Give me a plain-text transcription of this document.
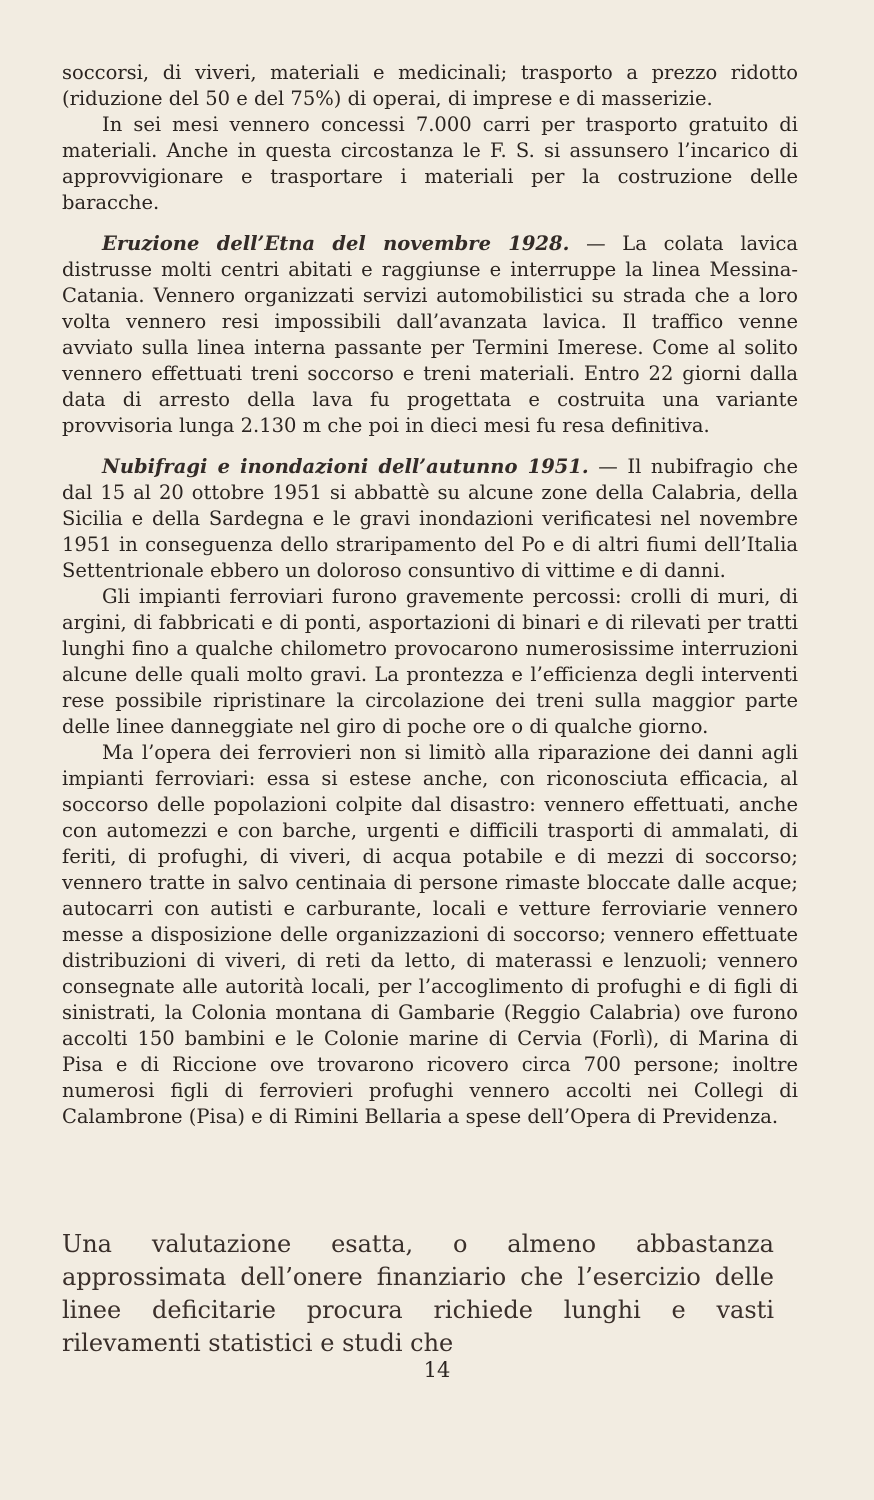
soccorsi, di viveri, materiali e medicinali; trasporto a prezzo ridotto (riduzione del 50 e del 75%) di operai, di imprese e di masserizie.

In sei mesi vennero concessi 7.000 carri per trasporto gratuito di materiali. Anche in questa circostanza le F. S. si assunsero l’incarico di approvvigionare e trasportare i materiali per la costruzione delle baracche.

Eruzione dell’Etna del novembre 1928. — La colata lavica distrusse molti centri abitati e raggiunse e interruppe la linea Messina-Catania. Vennero organizzati servizi automobilistici su strada che a loro volta vennero resi impossibili dall’avanzata lavica. Il traffico venne avviato sulla linea interna passante per Termini Imerese. Come al solito vennero effettuati treni soccorso e treni materiali. Entro 22 giorni dalla data di arresto della lava fu progettata e costruita una variante provvisoria lunga 2.130 m che poi in dieci mesi fu resa definitiva.

Nubifragi e inondazioni dell’autunno 1951. — Il nubifragio che dal 15 al 20 ottobre 1951 si abbattè su alcune zone della Calabria, della Sicilia e della Sardegna e le gravi inondazioni verificatesi nel novembre 1951 in conseguenza dello straripamento del Po e di altri fiumi dell’Italia Settentrionale ebbero un doloroso consuntivo di vittime e di danni.

Gli impianti ferroviari furono gravemente percossi: crolli di muri, di argini, di fabbricati e di ponti, asportazioni di binari e di rilevati per tratti lunghi fino a qualche chilometro provocarono numerosissime interruzioni alcune delle quali molto gravi. La prontezza e l’efficienza degli interventi rese possibile ripristinare la circolazione dei treni sulla maggior parte delle linee danneggiate nel giro di poche ore o di qualche giorno.

Ma l’opera dei ferrovieri non si limitò alla riparazione dei danni agli impianti ferroviari: essa si estese anche, con riconosciuta efficacia, al soccorso delle popolazioni colpite dal disastro: vennero effettuati, anche con automezzi e con barche, urgenti e difficili trasporti di ammalati, di feriti, di profughi, di viveri, di acqua potabile e di mezzi di soccorso; vennero tratte in salvo centinaia di persone rimaste bloccate dalle acque; autocarri con autisti e carburante, locali e vetture ferroviarie vennero messe a disposizione delle organizzazioni di soccorso; vennero effettuate distribuzioni di viveri, di reti da letto, di materassi e lenzuoli; vennero consegnate alle autorità locali, per l’accoglimento di profughi e di figli di sinistrati, la Colonia montana di Gambarie (Reggio Calabria) ove furono accolti 150 bambini e le Colonie marine di Cervia (Forlì), di Marina di Pisa e di Riccione ove trovarono ricovero circa 700 persone; inoltre numerosi figli di ferrovieri profughi vennero accolti nei Collegi di Calambrone (Pisa) e di Rimini Bellaria a spese dell’Opera di Previdenza.

Una valutazione esatta, o almeno abbastanza approssimata dell’onere finanziario che l’esercizio delle linee deficitarie procura richiede lunghi e vasti rilevamenti statistici e studi che

14
